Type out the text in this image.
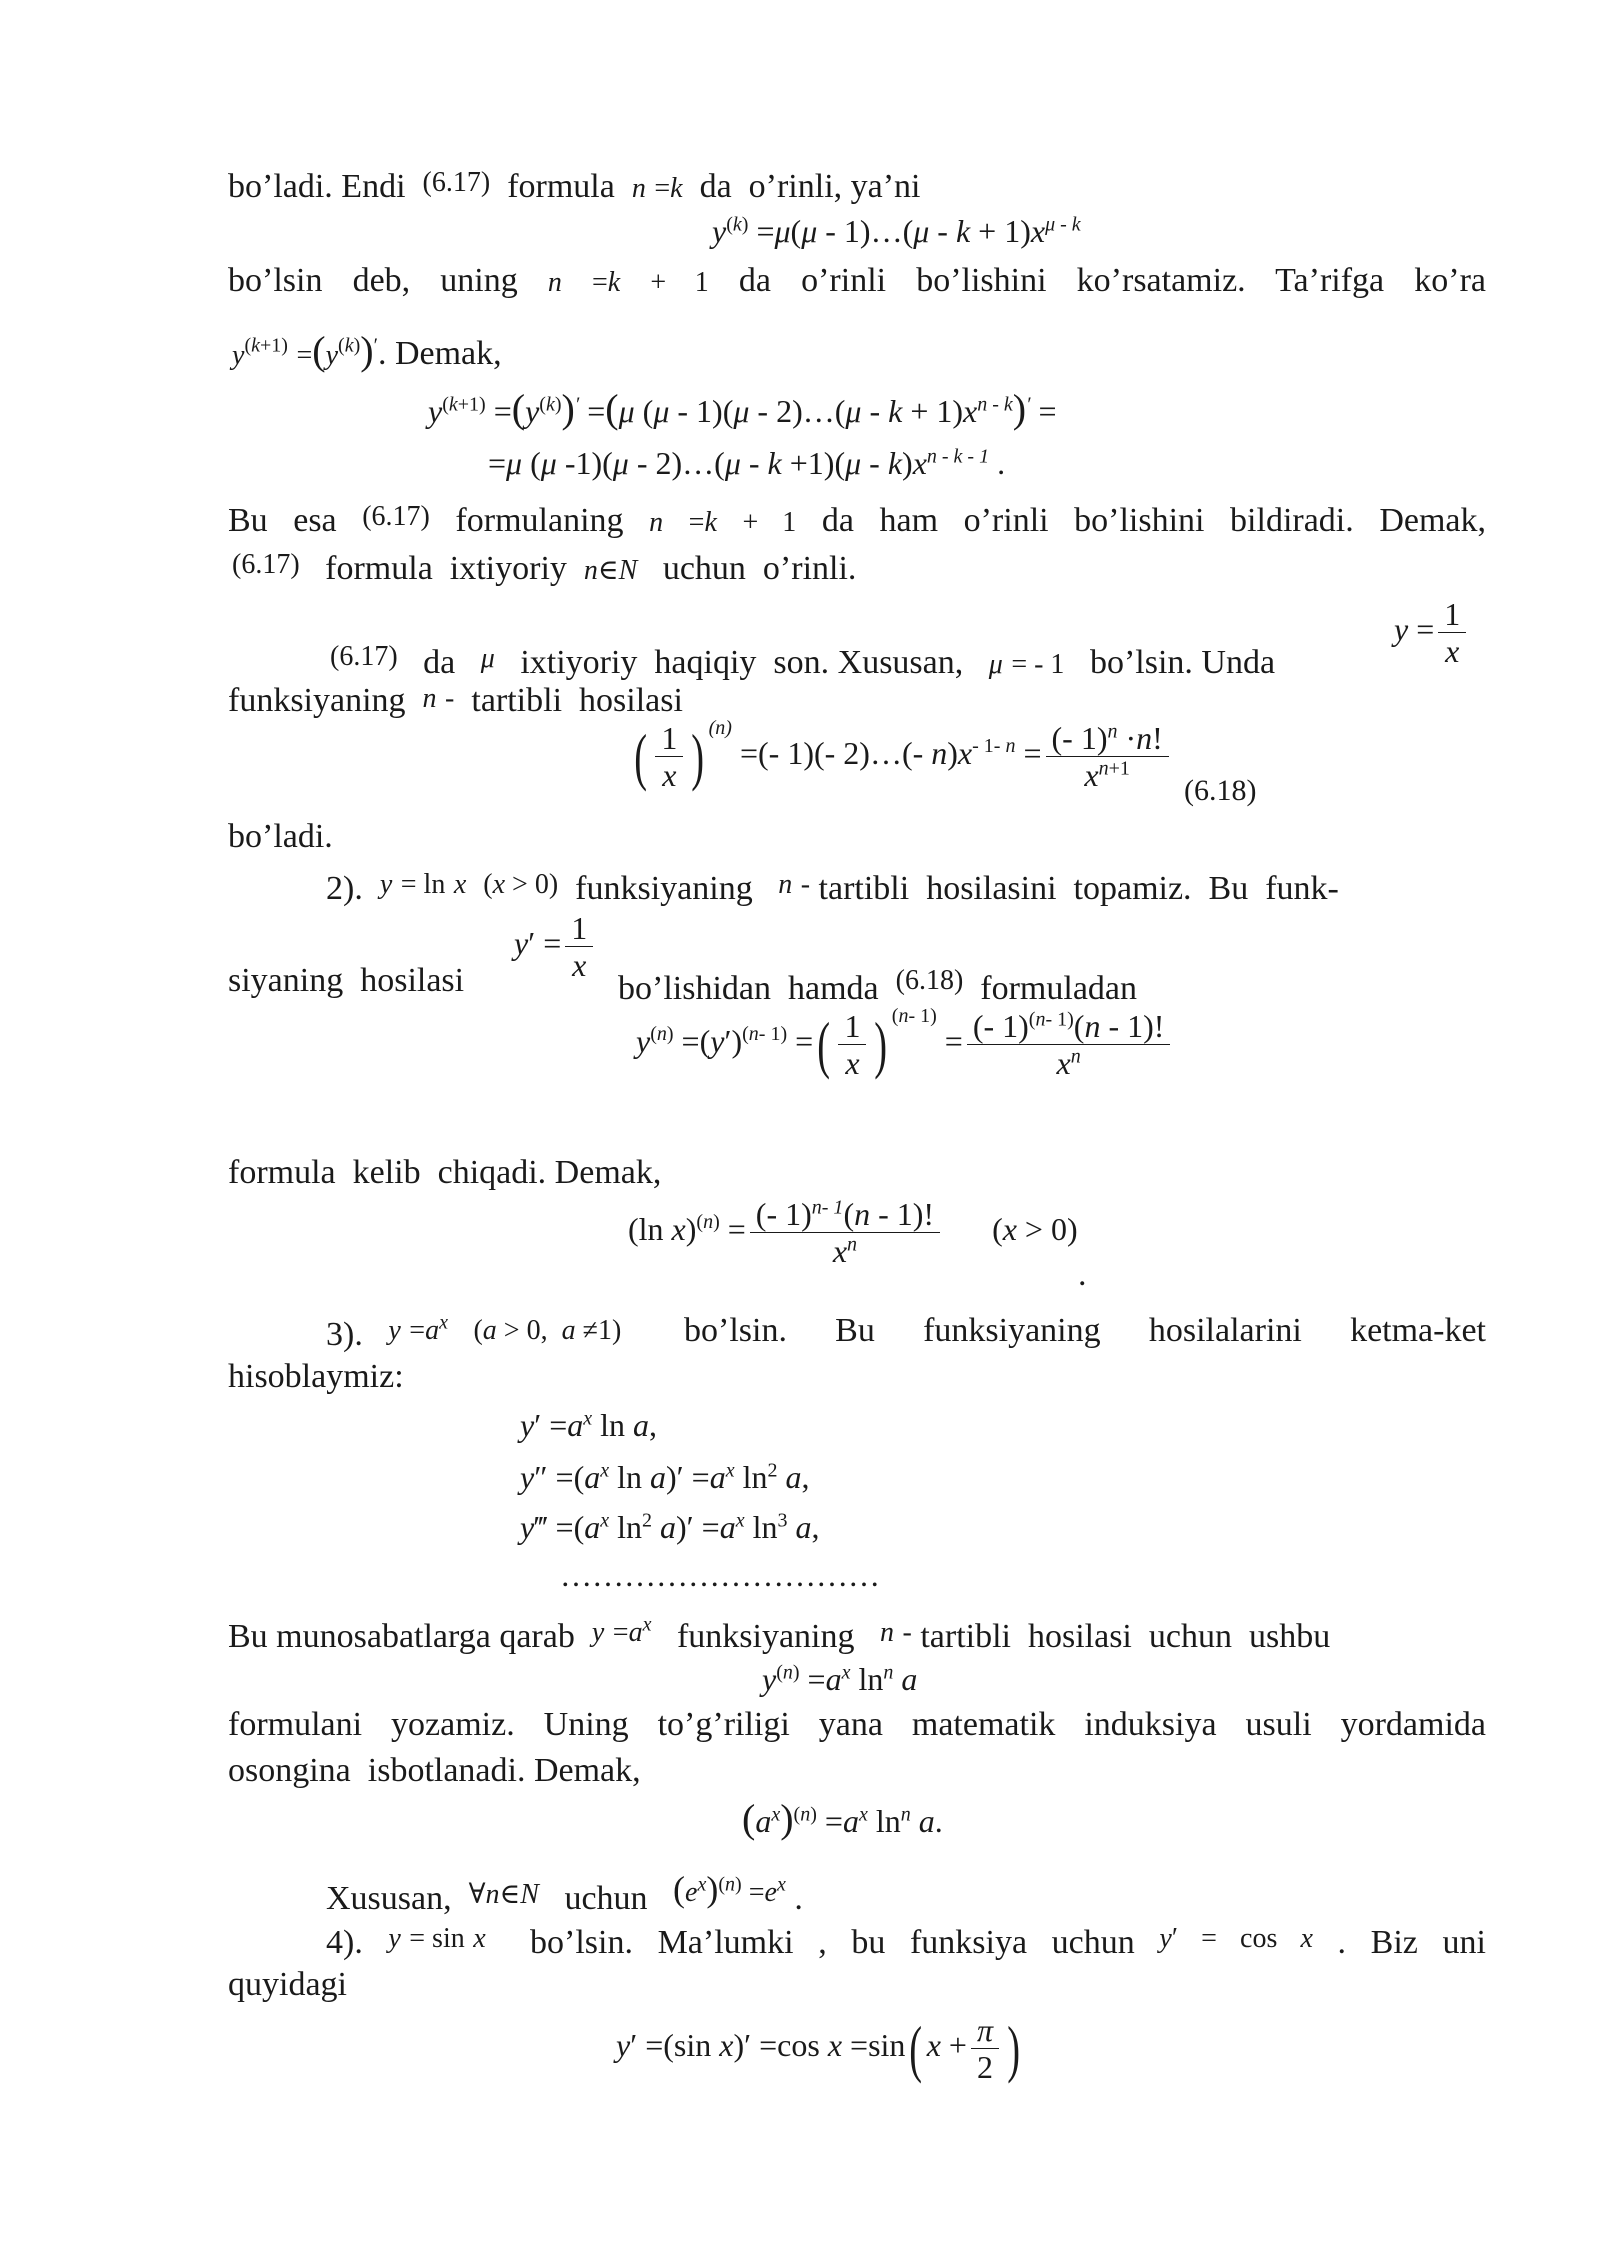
bo’ladi. Endi  (6.17)  formula  n =k  da  o’rinli, ya’ni
$y^{(k)} =\mu(\mu$ - 1)…(μ - $k + 1)x^{\mu - k}$
bo’lsin deb, uning n =k + 1 da o’rinli bo’lishini ko’rsatamiz. Ta’rifga ko’ra
$y^{(k+1)} =(y^{(k)})'$. Demak,
$y^{(k+1)} =(y^{(k)})' =(\mu$ (μ - 1)(μ - 2)…(μ - $k + 1)x^{n - k})'$ =
=μ (μ -1)(μ - 2)…(μ - $k +1)(\mu - k)x^{n - k - 1}$ .
Bu esa (6.17) formulaning n =k + 1 da ham o’rinli bo’lishini bildiradi. Demak,
(6.17)   formula  ixtiyoriy  n∈N   uchun  o’rinli.
$^{(6.17)}$   da   μ   ixtiyoriy  haqiqiy  son. Xususan,   μ = - 1   bo’lsin. Unda
$y = \frac{1}{x}$
funksiyaning  n -  tartibli  hosilasi
( $\frac{1}{x}$ ) $^{(n)}$ =(- 1)(- 2)…(- $n)x^{- 1- n} = \frac{(- 1)^n \cdot n!}{x^{n+1}} (6.18)$
bo’ladi.
2).  y = ln x (x > 0)  funksiyaning   n - tartibli  hosilasini  topamiz.  Bu  funk-
siyaning  hosilasi
$y' = \frac{1}{x}$
bo’lishidan  hamda  $^{(6.18)}$  formuladan
$y^{(n)} =(y')^{(n- 1)}$ =( $\frac{1}{x}$ ) $^{(n- 1)} = \frac{(- 1)^{(n- 1)}(n - 1)!}{x^n}$
formula  kelib  chiqadi. Demak,
(ln $x)^{(n)} = \frac{(- 1)^{n- 1}(n - 1)!}{x^n} (x > 0)$
.
3).   $y =a^x$ (a > 0,  a ≠1) bo’lsin. Bu funksiyaning hosilalarini ketma-ket
hisoblaymiz:
$y' =a^x$ ln a,
$y'' =(a^x$ $\ln a)' =a^x$ $\ln^2 a$,
y‴ $=(a^x$ $\ln^2 a)' =a^x$ $\ln^3 a$,
…………………………
Bu munosabatlarga qarab  $y =a^x$   funksiyaning   n - tartibli  hosilasi  uchun  ushbu
$y^{(n)} =a^x$ $\ln^n a$
formulani yozamiz. Uning to’g’riligi yana matematik induksiya usuli yordamida
osongina  isbotlanadi. Demak,
$(a^x)^{(n)} =a^x$ $\ln^n a$.
Xususan,  ∀n∈N   uchun   $^{(e^x)^{(n)} =e^x}$ .
4).   y = sin x bo’lsin. Ma’lumki , bu funksiya uchun y′ = cos x . Biz uni
quyidagi
y′ =(sin x)′ =cos x =sin( $x + \frac{\pi}{2}$ )
